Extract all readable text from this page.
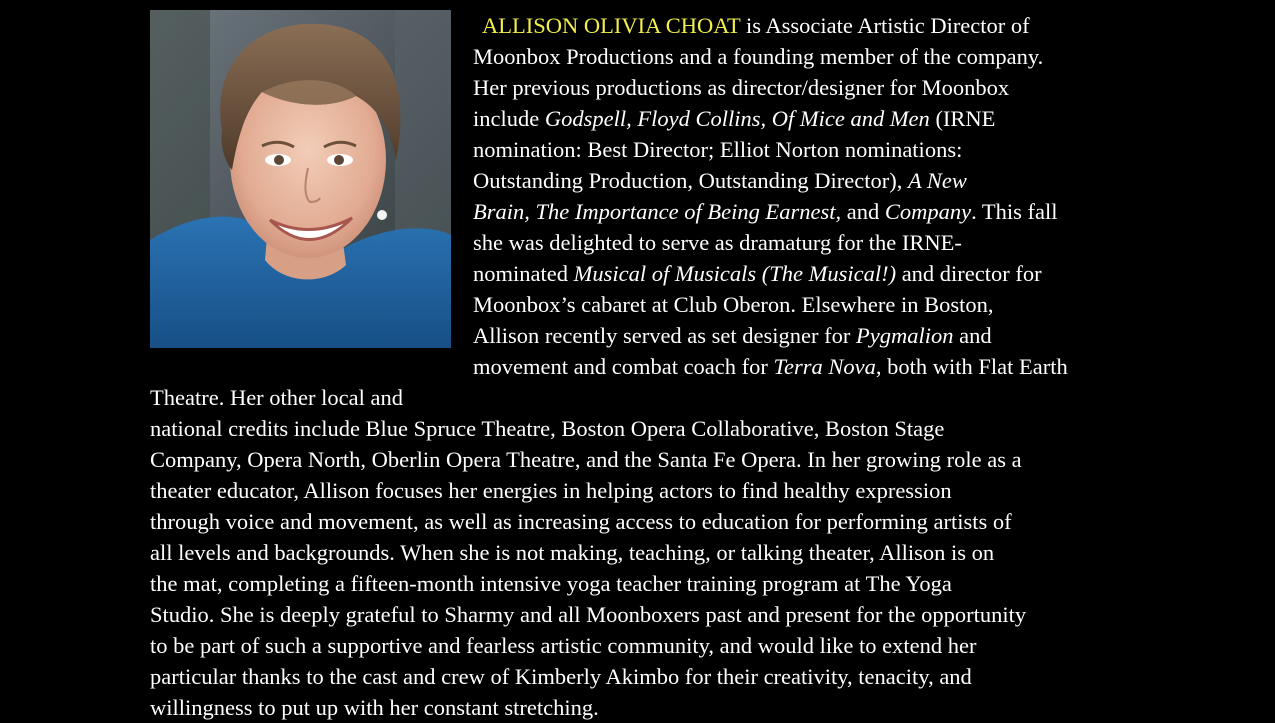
ALLISON OLIVIA CHOAT is Associate Artistic Director of
Moonbox Productions and a founding member of the company.
Her previous productions as director/designer for Moonbox
include Godspell, Floyd Collins, Of Mice and Men (IRNE
nomination: Best Director; Elliot Norton nominations:
Outstanding Production, Outstanding Director), A New
Brain, The Importance of Being Earnest, and Company. This fall
she was delighted to serve as dramaturg for the IRNE-
nominated Musical of Musicals (The Musical!) and director for
Moonbox’s cabaret at Club Oberon. Elsewhere in Boston,
Allison recently served as set designer for Pygmalion and
movement and combat coach for Terra Nova, both with Flat Earth Theatre. Her other local and
national credits include Blue Spruce Theatre, Boston Opera Collaborative, Boston Stage
Company, Opera North, Oberlin Opera Theatre, and the Santa Fe Opera. In her growing role as a
theater educator, Allison focuses her energies in helping actors to find healthy expression
through voice and movement, as well as increasing access to education for performing artists of
all levels and backgrounds. When she is not making, teaching, or talking theater, Allison is on
the mat, completing a fifteen-month intensive yoga teacher training program at The Yoga
Studio. She is deeply grateful to Sharmy and all Moonboxers past and present for the opportunity
to be part of such a supportive and fearless artistic community, and would like to extend her
particular thanks to the cast and crew of Kimberly Akimbo for their creativity, tenacity, and
willingness to put up with her constant stretching.
